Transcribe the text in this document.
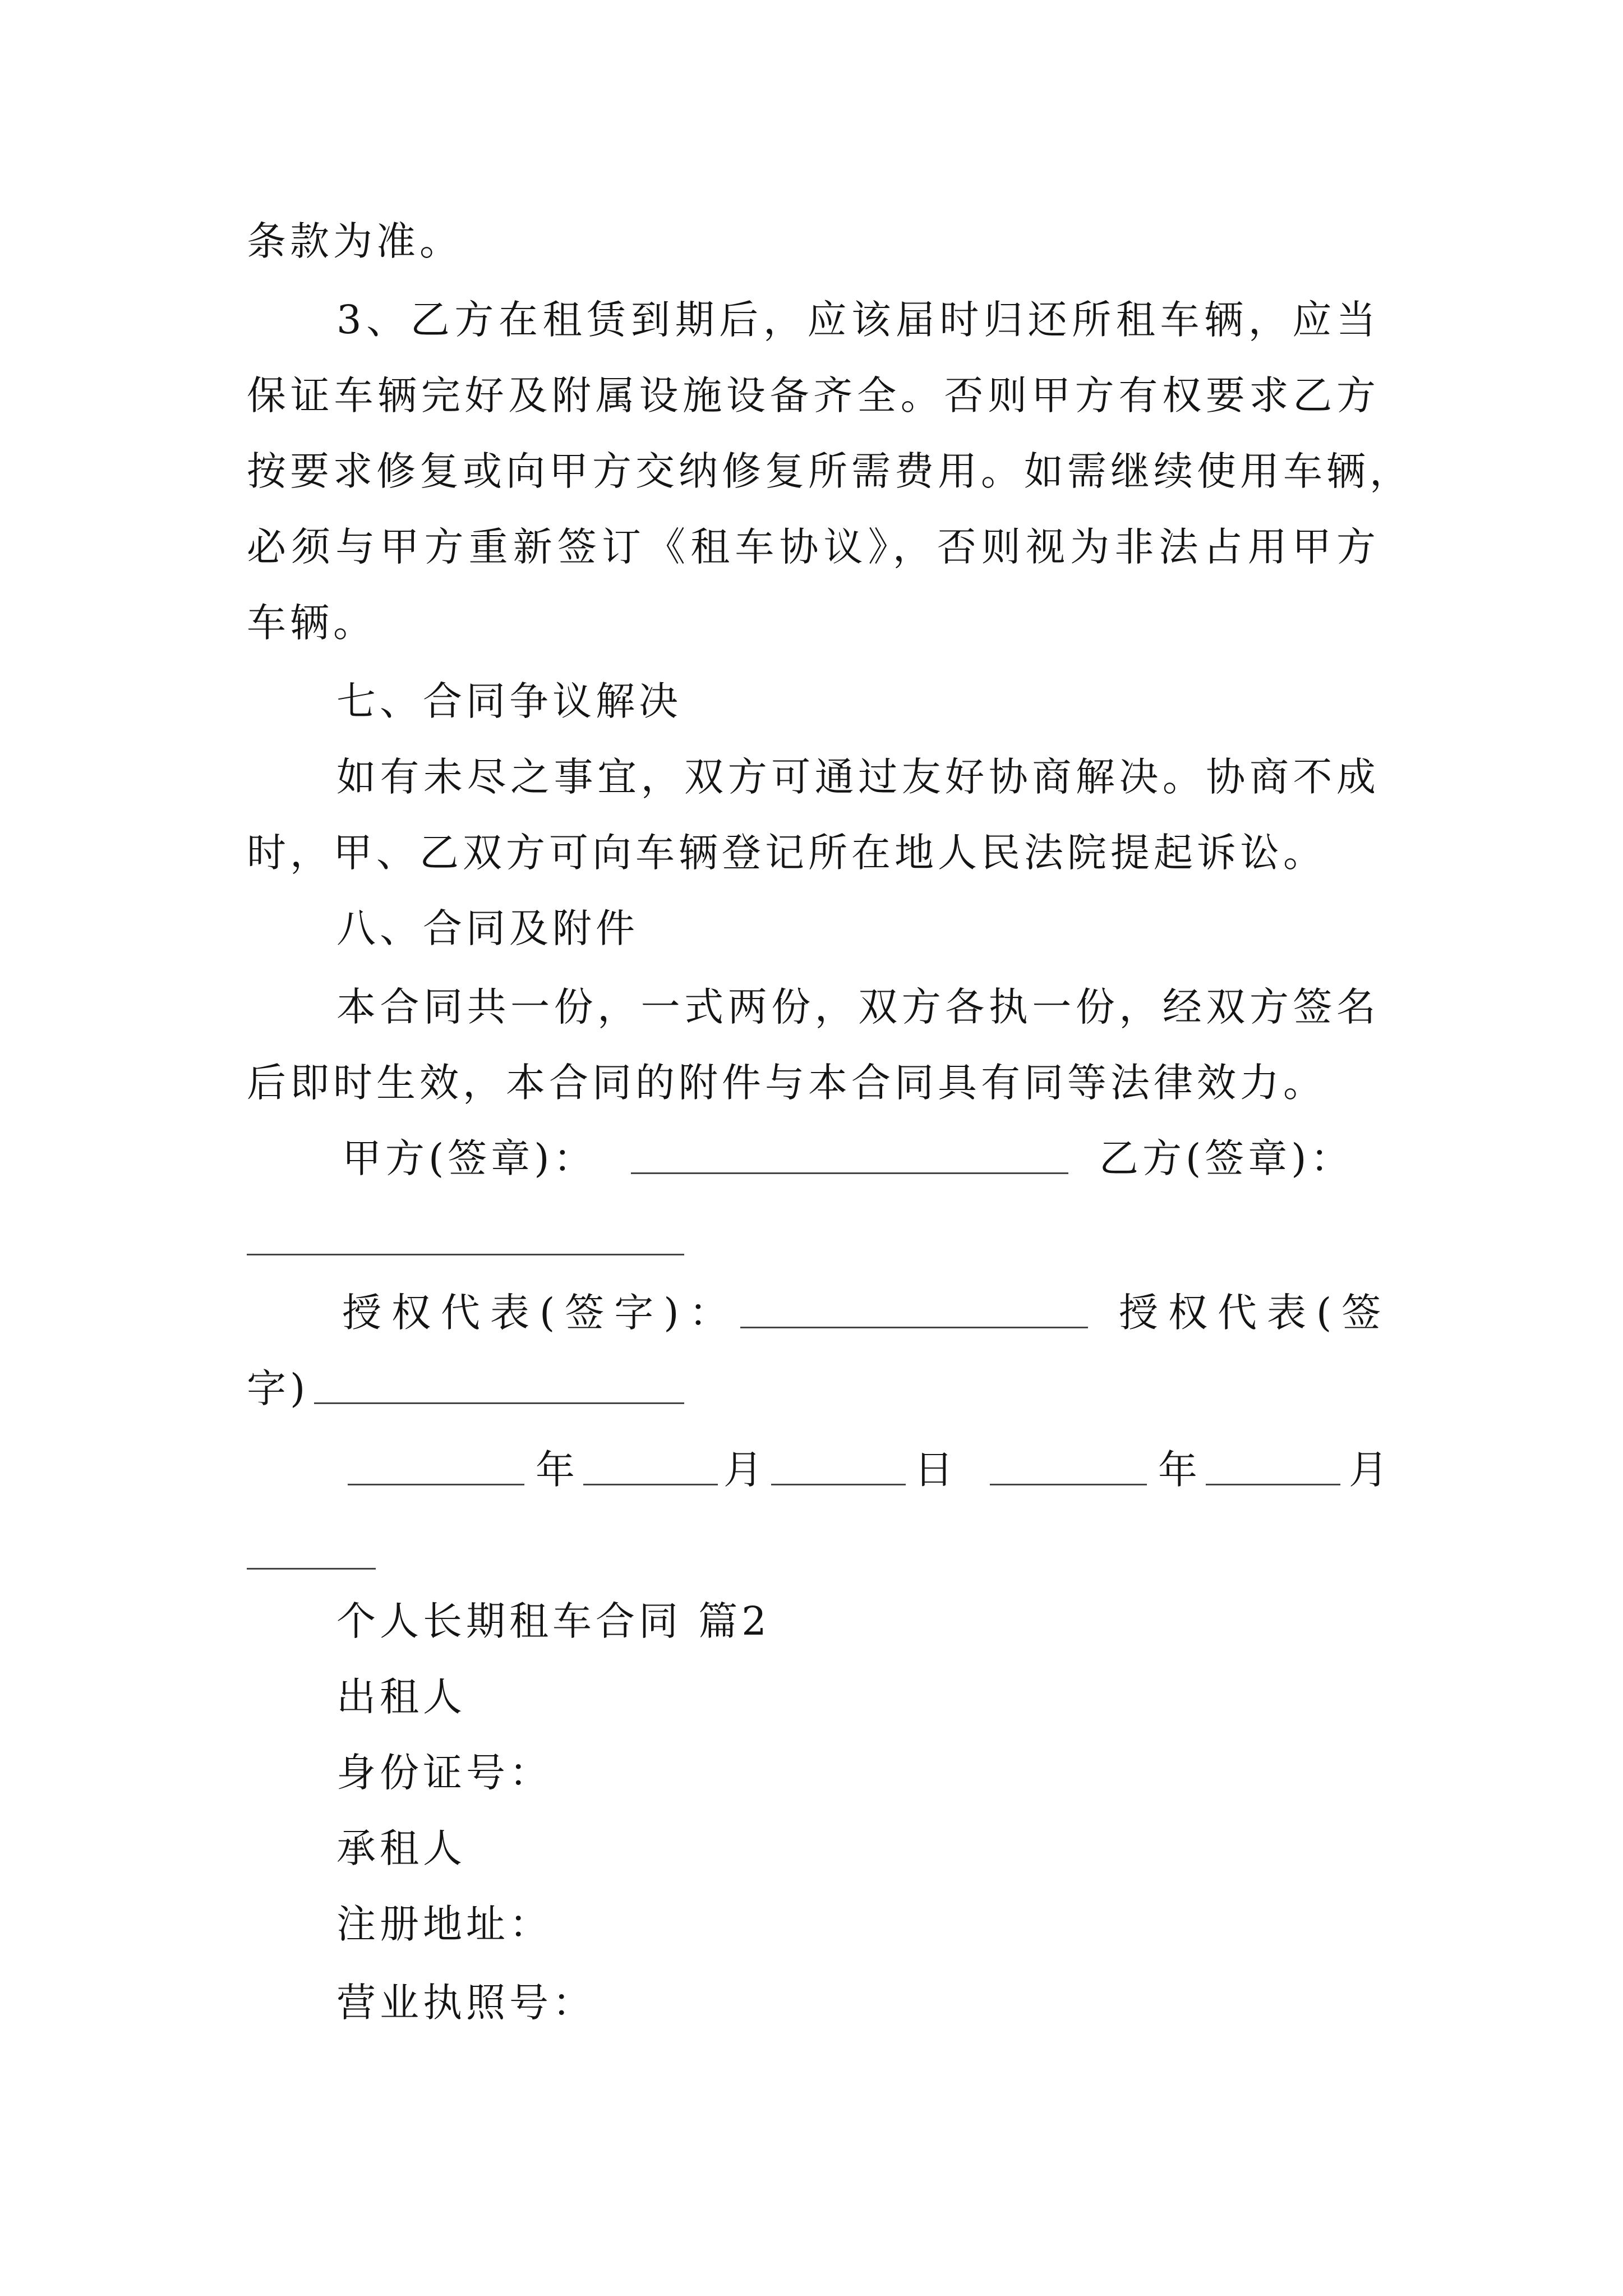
条款为准。
3、乙方在租赁到期后，应该届时归还所租车辆，应当
保证车辆完好及附属设施设备齐全。否则甲方有权要求乙方
按要求修复或向甲方交纳修复所需费用。如需继续使用车辆，
必须与甲方重新签订《租车协议》，否则视为非法占用甲方
车辆。
七、合同争议解决
如有未尽之事宜，双方可通过友好协商解决。协商不成
时，甲、乙双方可向车辆登记所在地人民法院提起诉讼。
八、合同及附件
本合同共一份，一式两份，双方各执一份，经双方签名
后即时生效，本合同的附件与本合同具有同等法律效力。
甲方(签章)：	乙方(签章)：
授权代表(签字)：	授权代表(签
字)
年	月	日	年	月
个人长期租车合同 篇2
出租人
身份证号：
承租人
注册地址：
营业执照号：
